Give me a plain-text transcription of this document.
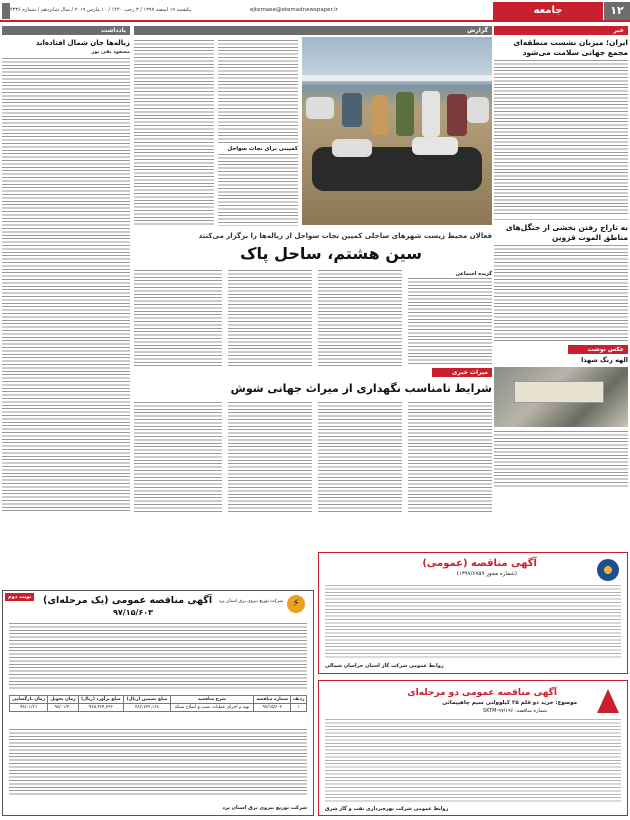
۱۲
جامعه
ejtemaee@etemadnewspaper.ir
یکشنبه ۱۹ اسفند ۱۳۹۷ / ۳ رجب ۱۴۴۰ / ۱۰ مارس ۲۰۱۹ / سال شانزدهم / شماره ۴۳۳۶
خبر
ایران؛ میزبان نشست منطقه‌ای مجمع جهانی سلامت می‌شود
به تاراج رفتن بخشی از جنگل‌های مناطق الموت قزوین
عکس نوشت
الهه رنگ شهدا
یادداشت
زباله‌ها جان شمال افتاده‌اند
مسعود نقی پور
گزارش
کمپینی برای نجات سواحل
فعالان محیط زیست شهرهای ساحلی کمپین نجات سواحل از زباله‌ها را برگزار می‌کنند
سین هشتم، ساحل پاک
گزیده اجتماعی
میراث خبری
شرایط نامناسب نگهداری از میراث جهانی شوش
آگهی مناقصه (عمومی)
(شماره مجوز ۱۳۹۷/۶۷۵۹)
روابط عمومی شرکت گاز استان خراسان شمالی
آگهی مناقصه عمومی دو مرحله‌ای
موضوع: خرید دو قلم ۲۵ کیلوولتی سیم چاهپیمائی
شماره مناقصه: SKTM-۹۷/۱۹۶
روابط عمومی شرکت بهره‌برداری نفت و گاز شرق
نوبت دوم
⚡
شرکت توزیع نیروی برق استان یزد
آگهی مناقصه عمومی (یک مرحله‌ای)
۹۷/۱۵/۶۰۳
ردیف	شماره مناقصه	شرح مناقصه	مبلغ تضمین (ریال)	مبلغ برآورد (ریال)	زمان تحویل	زمان بازگشایی
۱	۹۷/۱۵/۶۰۳	تهیه و اجرای عملیات نصب و اصلاح شبکه	۴۸۲,۷۳۲,۱۶۸	۹۶۵,۴۶۴,۳۳۶	۹۸/۰۱/۲۰	۹۸/۰۱/۲۱
شرکت توزیع نیروی برق استان یزد
